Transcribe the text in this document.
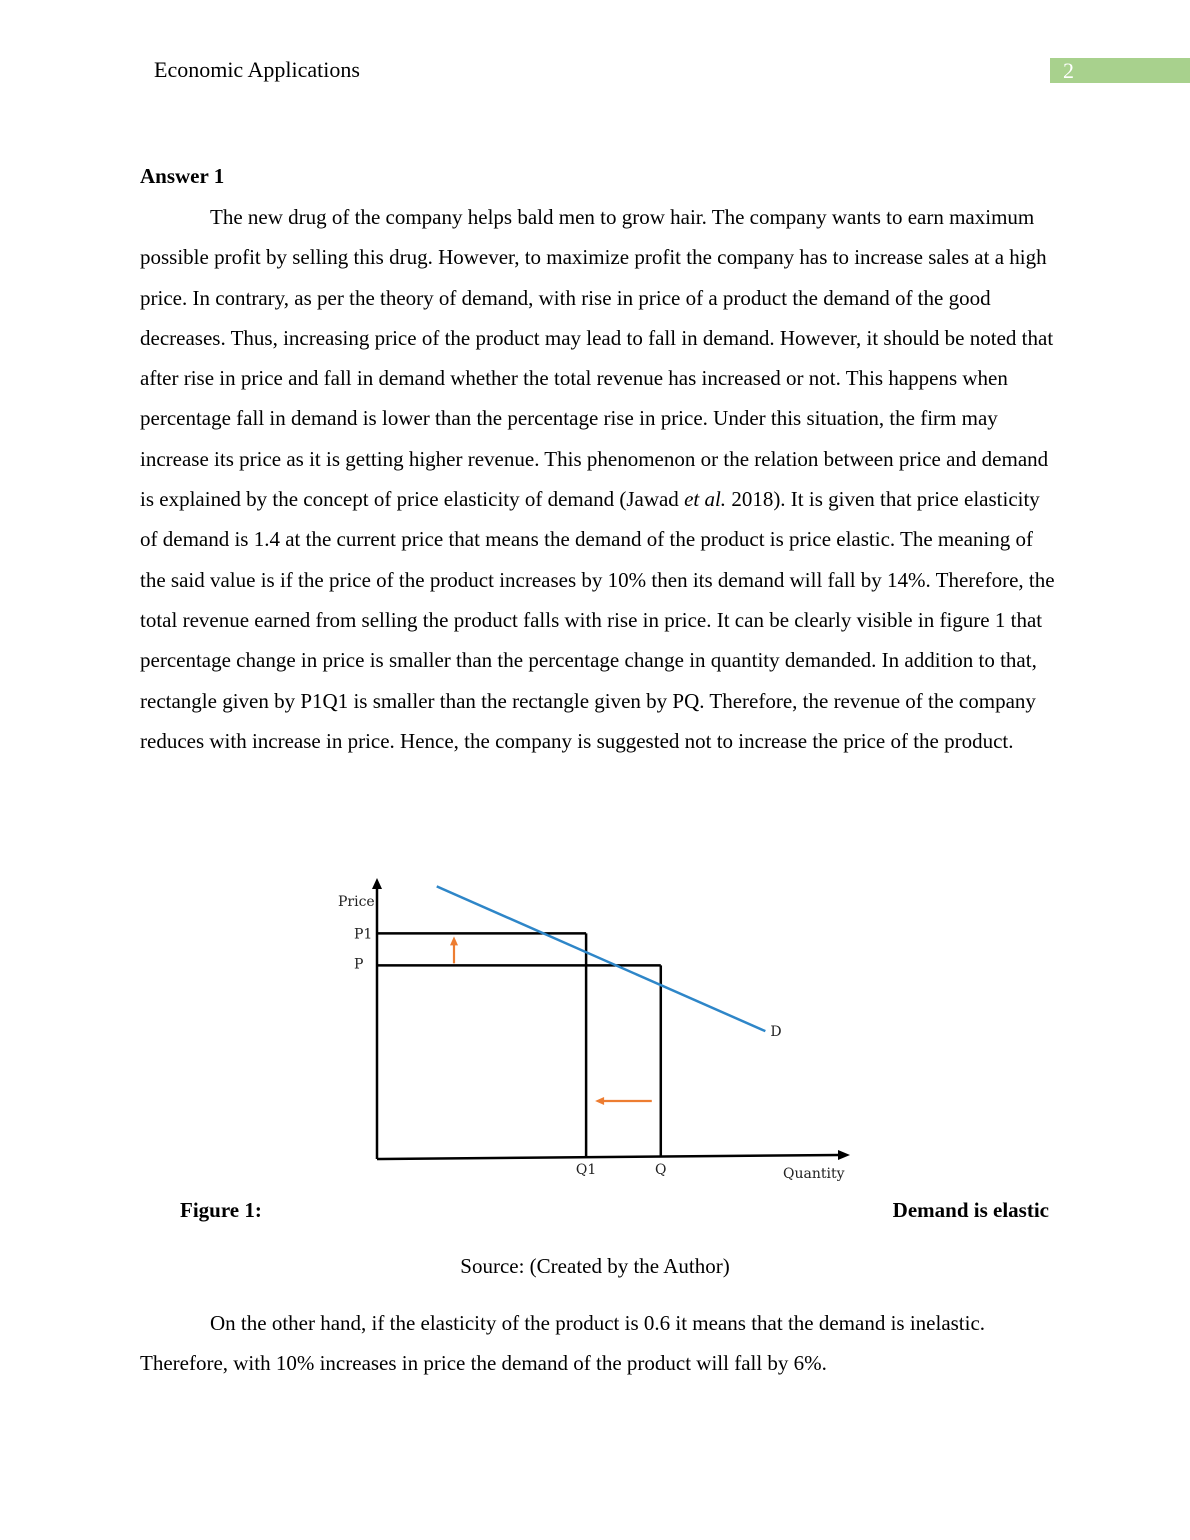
Economic Applications	2
Answer 1

The new drug of the company helps bald men to grow hair. The company wants to earn maximum possible profit by selling this drug. However, to maximize profit the company has to increase sales at a high price. In contrary, as per the theory of demand, with rise in price of a product the demand of the good decreases. Thus, increasing price of the product may lead to fall in demand. However, it should be noted that after rise in price and fall in demand whether the total revenue has increased or not. This happens when percentage fall in demand is lower than the percentage rise in price. Under this situation, the firm may increase its price as it is getting higher revenue. This phenomenon or the relation between price and demand is explained by the concept of price elasticity of demand (Jawad et al. 2018). It is given that price elasticity of demand is 1.4 at the current price that means the demand of the product is price elastic. The meaning of the said value is if the price of the product increases by 10% then its demand will fall by 14%. Therefore, the total revenue earned from selling the product falls with rise in price. It can be clearly visible in figure 1 that percentage change in price is smaller than the percentage change in quantity demanded. In addition to that, rectangle given by P1Q1 is smaller than the rectangle given by PQ. Therefore, the revenue of the company reduces with increase in price. Hence, the company is suggested not to increase the price of the product.

D
Price
Quantity
P1
P
Q1	Q
Figure 1:	Demand is elastic
Source: (Created by the Author)

On the other hand, if the elasticity of the product is 0.6 it means that the demand is inelastic. Therefore, with 10% increases in price the demand of the product will fall by 6%.
